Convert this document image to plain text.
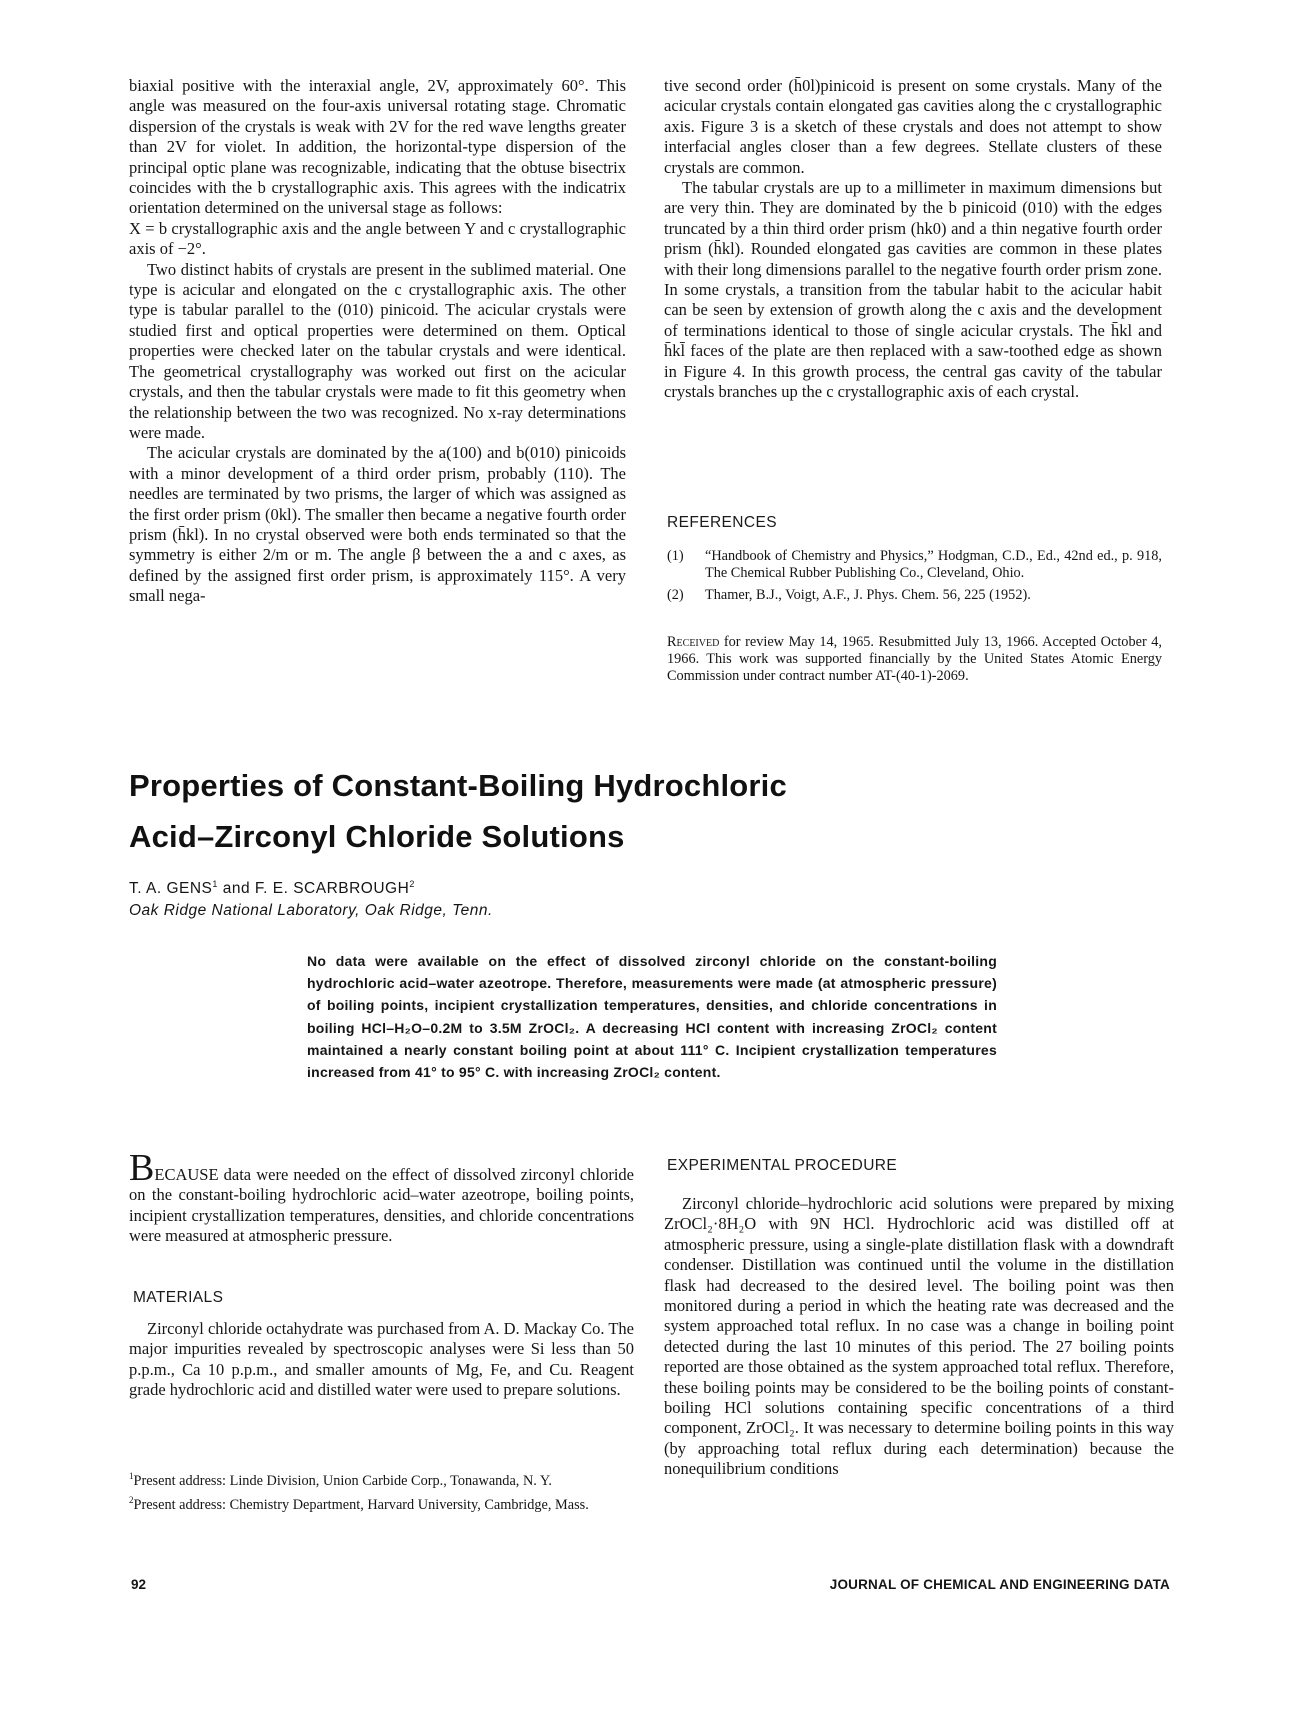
biaxial positive with the interaxial angle, 2V, approximately 60°. This angle was measured on the four-axis universal rotating stage. Chromatic dispersion of the crystals is weak with 2V for the red wave lengths greater than 2V for violet. In addition, the horizontal-type dispersion of the principal optic plane was recognizable, indicating that the obtuse bisectrix coincides with the b crystallographic axis. This agrees with the indicatrix orientation determined on the universal stage as follows:

X = b crystallographic axis and the angle between Y and c crystallographic axis of −2°.

Two distinct habits of crystals are present in the sublimed material. One type is acicular and elongated on the c crystallographic axis. The other type is tabular parallel to the (010) pinicoid. The acicular crystals were studied first and optical properties were determined on them. Optical properties were checked later on the tabular crystals and were identical. The geometrical crystallography was worked out first on the acicular crystals, and then the tabular crystals were made to fit this geometry when the relationship between the two was recognized. No x-ray determinations were made.

The acicular crystals are dominated by the a(100) and b(010) pinicoids with a minor development of a third order prism, probably (110). The needles are terminated by two prisms, the larger of which was assigned as the first order prism (0kl). The smaller then became a negative fourth order prism (h̄kl). In no crystal observed were both ends terminated so that the symmetry is either 2/m or m. The angle β between the a and c axes, as defined by the assigned first order prism, is approximately 115°. A very small nega-

tive second order (h̄0l)pinicoid is present on some crystals. Many of the acicular crystals contain elongated gas cavities along the c crystallographic axis. Figure 3 is a sketch of these crystals and does not attempt to show interfacial angles closer than a few degrees. Stellate clusters of these crystals are common.

The tabular crystals are up to a millimeter in maximum dimensions but are very thin. They are dominated by the b pinicoid (010) with the edges truncated by a thin third order prism (hk0) and a thin negative fourth order prism (h̄kl). Rounded elongated gas cavities are common in these plates with their long dimensions parallel to the negative fourth order prism zone. In some crystals, a transition from the tabular habit to the acicular habit can be seen by extension of growth along the c axis and the development of terminations identical to those of single acicular crystals. The h̄kl and h̄kl̄ faces of the plate are then replaced with a saw-toothed edge as shown in Figure 4. In this growth process, the central gas cavity of the tabular crystals branches up the c crystallographic axis of each crystal.

REFERENCES
(1)	“Handbook of Chemistry and Physics,” Hodgman, C.D., Ed., 42nd ed., p. 918, The Chemical Rubber Publishing Co., Cleveland, Ohio.
(2)	Thamer, B.J., Voigt, A.F., J. Phys. Chem. 56, 225 (1952).
Received for review May 14, 1965. Resubmitted July 13, 1966. Accepted October 4, 1966. This work was supported financially by the United States Atomic Energy Commission under contract number AT-(40-1)-2069.
Properties of Constant-Boiling Hydrochloric
Acid–Zirconyl Chloride Solutions
T. A. GENS$^1$ and F. E. SCARBROUGH$^2$
Oak Ridge National Laboratory, Oak Ridge, Tenn.
No data were available on the effect of dissolved zirconyl chloride on the constant-boiling hydrochloric acid–water azeotrope. Therefore, measurements were made (at atmospheric pressure) of boiling points, incipient crystallization temperatures, densities, and chloride concentrations in boiling HCl–H₂O–0.2M to 3.5M ZrOCl₂. A decreasing HCl content with increasing ZrOCl₂ content maintained a nearly constant boiling point at about 111° C. Incipient crystallization temperatures increased from 41° to 95° C. with increasing ZrOCl₂ content.

BECAUSE data were needed on the effect of dissolved zirconyl chloride on the constant-boiling hydrochloric acid–water azeotrope, boiling points, incipient crystallization temperatures, densities, and chloride concentrations were measured at atmospheric pressure.

MATERIALS

Zirconyl chloride octahydrate was purchased from A. D. Mackay Co. The major impurities revealed by spectroscopic analyses were Si less than 50 p.p.m., Ca 10 p.p.m., and smaller amounts of Mg, Fe, and Cu. Reagent grade hydrochloric acid and distilled water were used to prepare solutions.

$^1$Present address: Linde Division, Union Carbide Corp., Tonawanda, N. Y.
$^2$Present address: Chemistry Department, Harvard University, Cambridge, Mass.
EXPERIMENTAL PROCEDURE

Zirconyl chloride–hydrochloric acid solutions were prepared by mixing ZrOCl₂·8H₂O with 9N HCl. Hydrochloric acid was distilled off at atmospheric pressure, using a single-plate distillation flask with a downdraft condenser. Distillation was continued until the volume in the distillation flask had decreased to the desired level. The boiling point was then monitored during a period in which the heating rate was decreased and the system approached total reflux. In no case was a change in boiling point detected during the last 10 minutes of this period. The 27 boiling points reported are those obtained as the system approached total reflux. Therefore, these boiling points may be considered to be the boiling points of constant-boiling HCl solutions containing specific concentrations of a third component, ZrOCl₂. It was necessary to determine boiling points in this way (by approaching total reflux during each determination) because the nonequilibrium conditions

92	JOURNAL OF CHEMICAL AND ENGINEERING DATA
